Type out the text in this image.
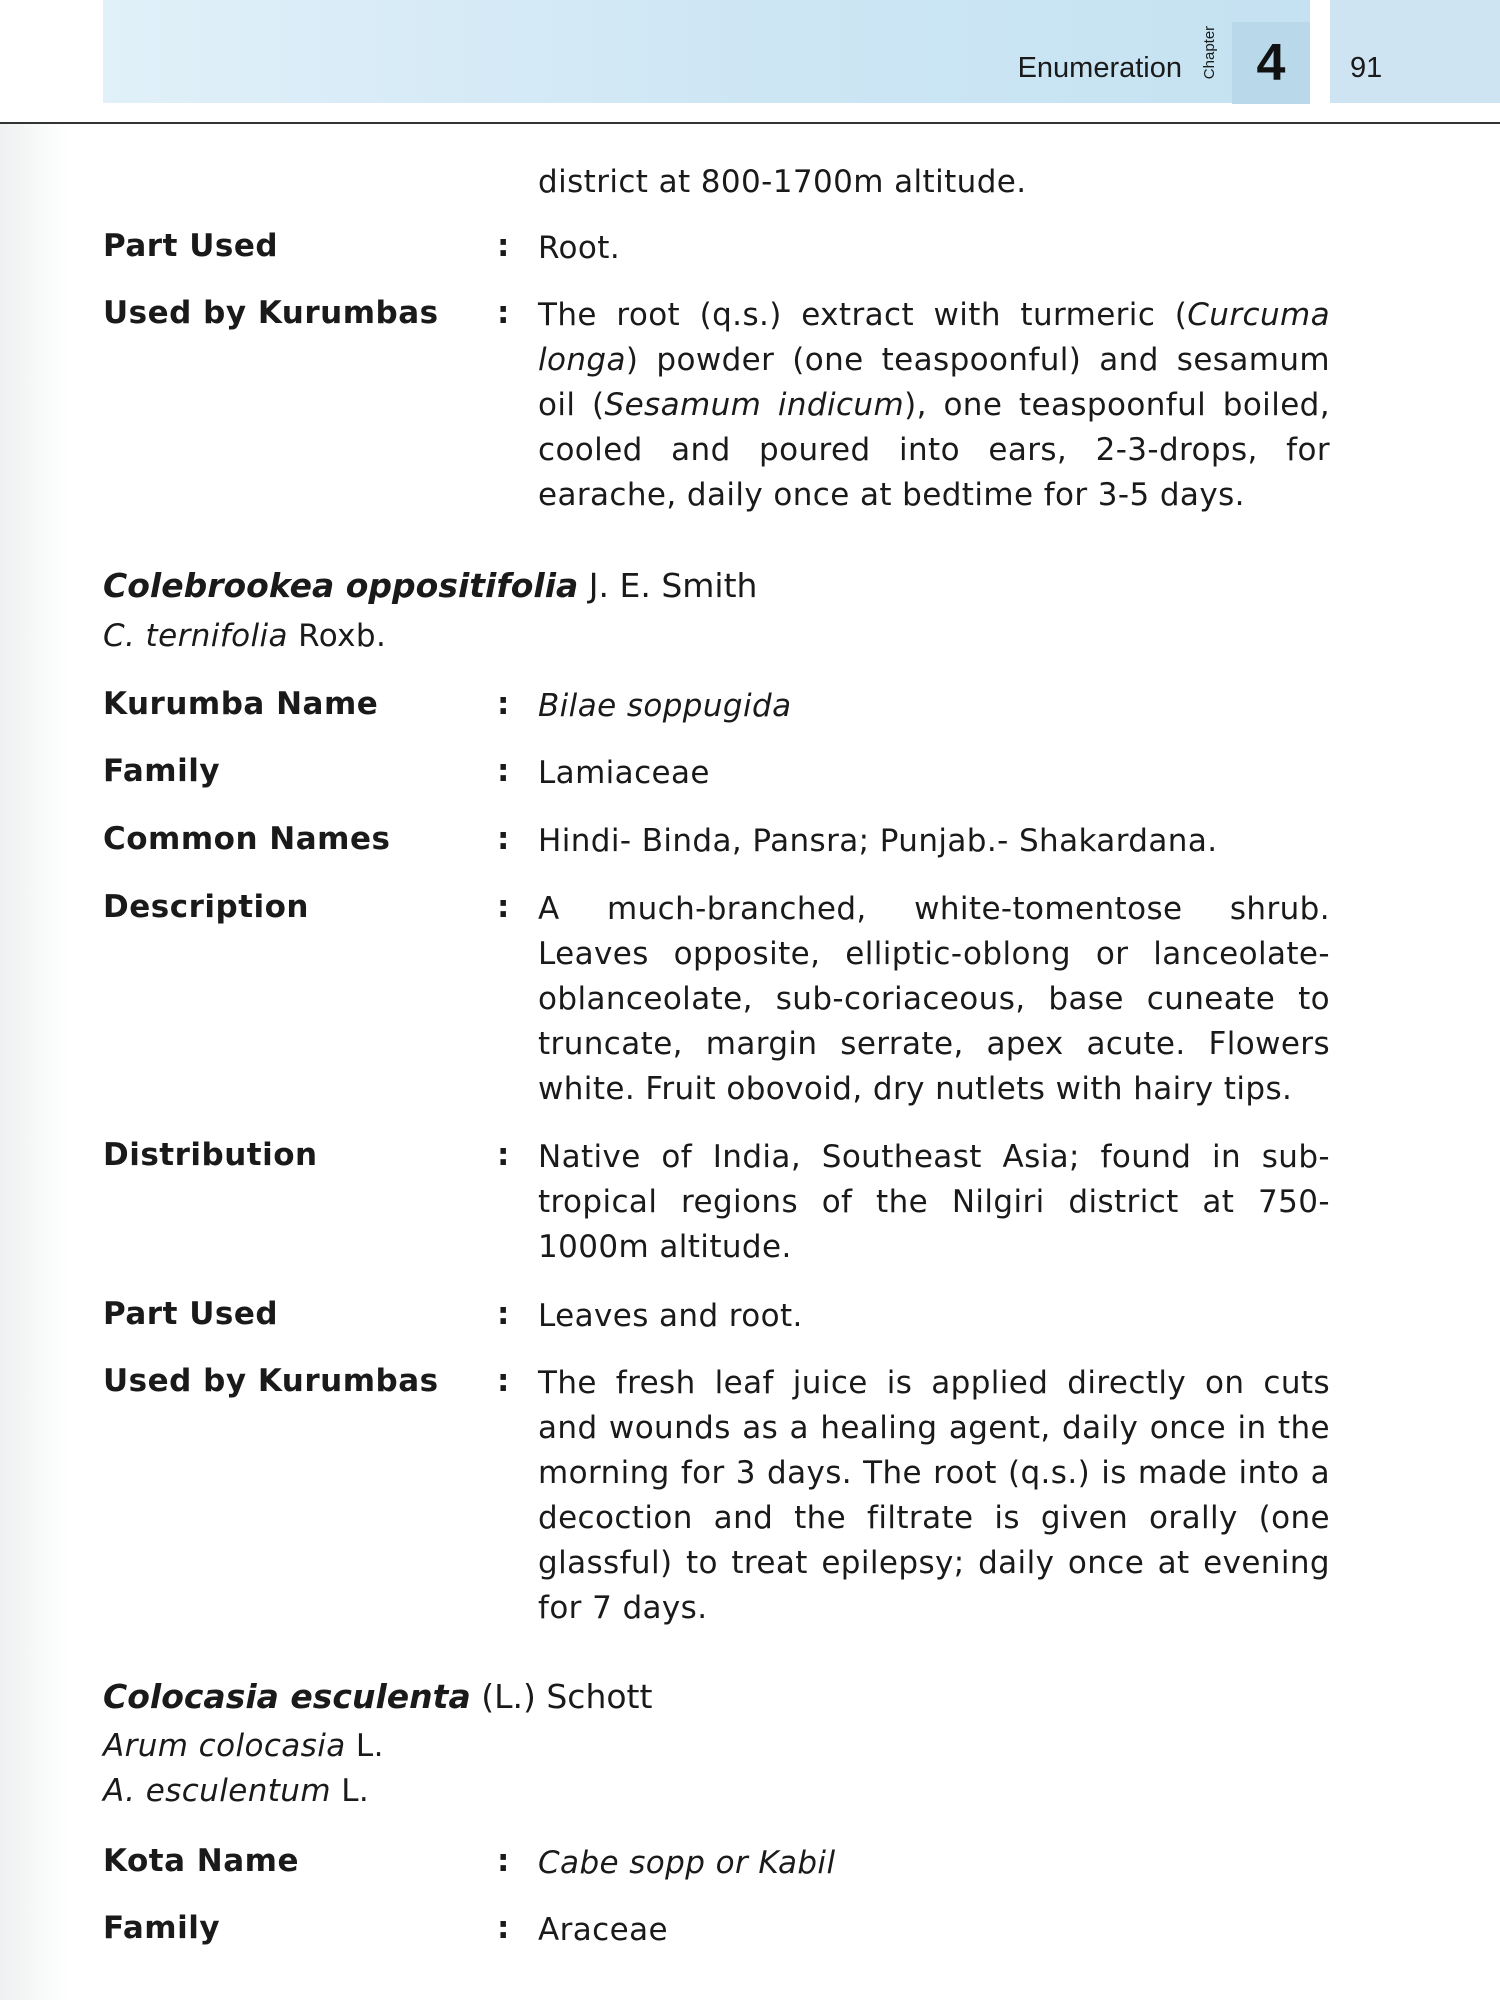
Enumeration Chapter 4	91
district at 800-1700m altitude.
Part Used	: Root.
Used by Kurumbas : The root (q.s.) extract with turmeric (Curcuma longa) powder (one teaspoonful) and sesamum oil (Sesamum indicum), one teaspoonful boiled, cooled and poured into ears, 2-3-drops, for earache, daily once at bedtime for 3-5 days.
Colebrookea oppositifolia J. E. Smith
C. ternifolia Roxb.
Kurumba Name	: Bilae soppugida
Family	: Lamiaceae
Common Names	: Hindi- Binda, Pansra; Punjab.- Shakardana.
Description	: A much-branched, white-tomentose shrub. Leaves opposite, elliptic-oblong or lanceolate-oblanceolate, sub-coriaceous, base cuneate to truncate, margin serrate, apex acute. Flowers white. Fruit obovoid, dry nutlets with hairy tips.
Distribution	: Native of India, Southeast Asia; found in sub-tropical regions of the Nilgiri district at 750-1000m altitude.
Part Used	: Leaves and root.
Used by Kurumbas : The fresh leaf juice is applied directly on cuts and wounds as a healing agent, daily once in the morning for 3 days. The root (q.s.) is made into a decoction and the filtrate is given orally (one glassful) to treat epilepsy; daily once at evening for 7 days.
Colocasia esculenta (L.) Schott
Arum colocasia L.
A. esculentum L.
Kota Name	: Cabe sopp or Kabil
Family	: Araceae
